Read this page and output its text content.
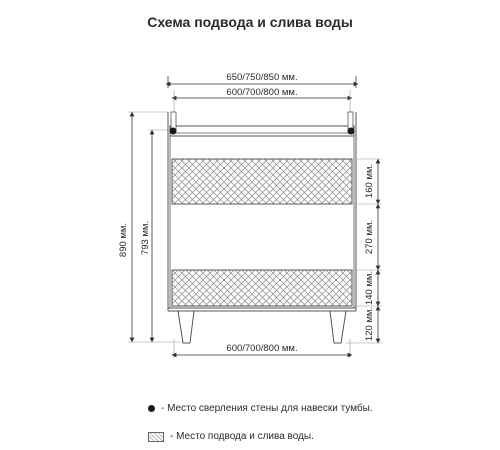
Схема подвода и слива воды
650/750/850 мм.
600/700/800 мм.
600/700/800 мм.
890 мм. 793 мм.
160 мм.
270 мм.
140 мм.
120 мм.
- Место сверления стены для навески тумбы.
- Место подвода и слива воды.
